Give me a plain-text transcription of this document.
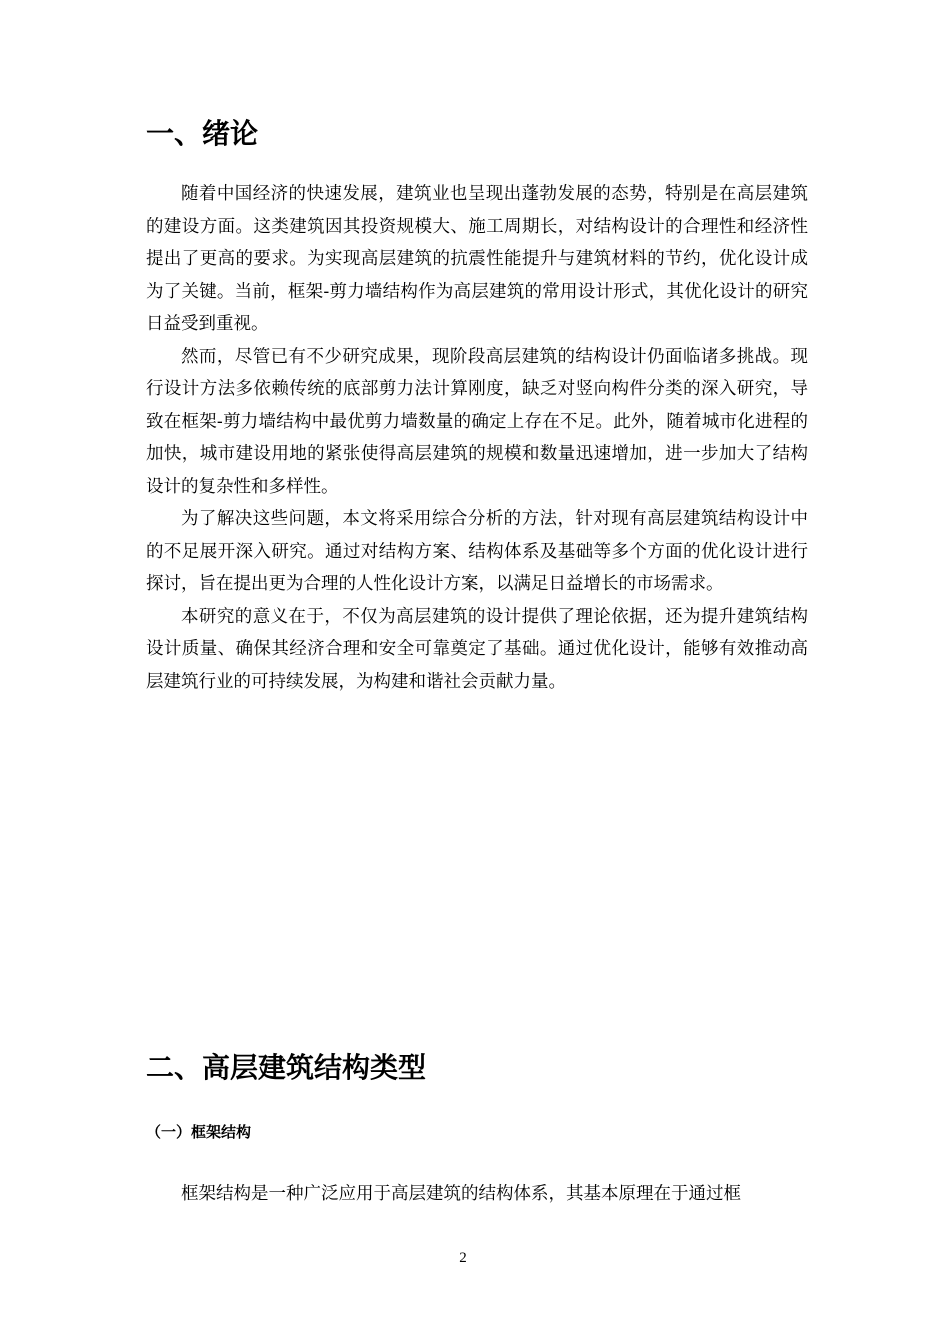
一、绪论

随着中国经济的快速发展，建筑业也呈现出蓬勃发展的态势，特别是在高层建筑的建设方面。这类建筑因其投资规模大、施工周期长，对结构设计的合理性和经济性提出了更高的要求。为实现高层建筑的抗震性能提升与建筑材料的节约，优化设计成为了关键。当前，框架-剪力墙结构作为高层建筑的常用设计形式，其优化设计的研究日益受到重视。

然而，尽管已有不少研究成果，现阶段高层建筑的结构设计仍面临诸多挑战。现行设计方法多依赖传统的底部剪力法计算刚度，缺乏对竖向构件分类的深入研究，导致在框架-剪力墙结构中最优剪力墙数量的确定上存在不足。此外，随着城市化进程的加快，城市建设用地的紧张使得高层建筑的规模和数量迅速增加，进一步加大了结构设计的复杂性和多样性。

为了解决这些问题，本文将采用综合分析的方法，针对现有高层建筑结构设计中的不足展开深入研究。通过对结构方案、结构体系及基础等多个方面的优化设计进行探讨，旨在提出更为合理的人性化设计方案，以满足日益增长的市场需求。

本研究的意义在于，不仅为高层建筑的设计提供了理论依据，还为提升建筑结构设计质量、确保其经济合理和安全可靠奠定了基础。通过优化设计，能够有效推动高层建筑行业的可持续发展，为构建和谐社会贡献力量。

二、高层建筑结构类型
（一）框架结构

框架结构是一种广泛应用于高层建筑的结构体系，其基本原理在于通过框

2
